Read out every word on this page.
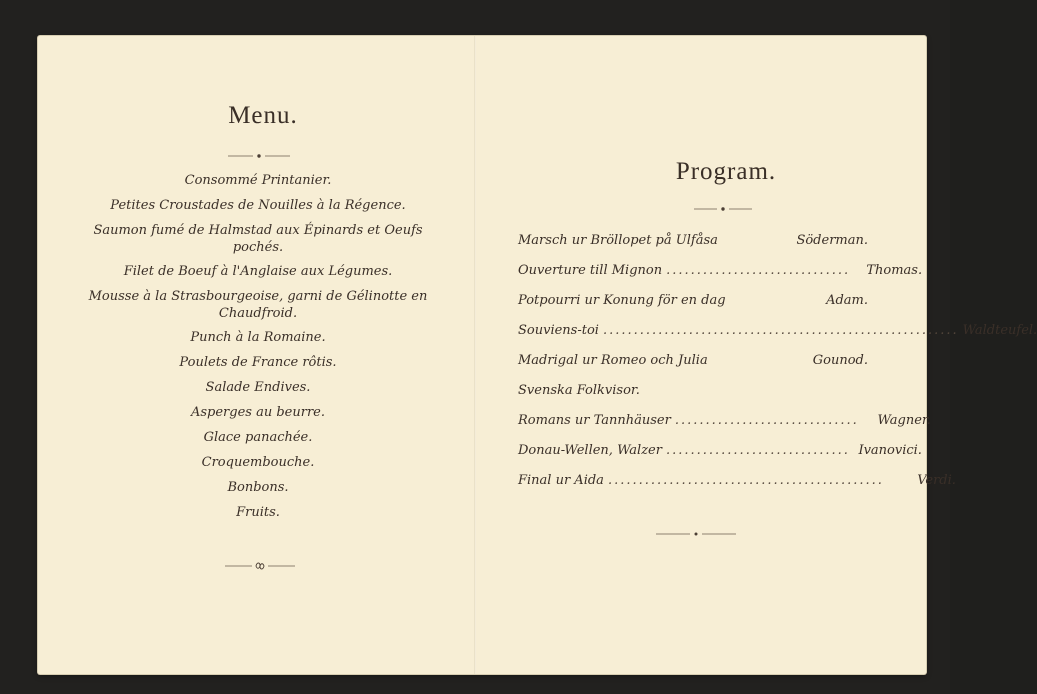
Menu.
Consommé Printanier.
Petites Croustades de Nouilles à la Régence.
Saumon fumé de Halmstad aux Épinards et Oeufs pochés.
Filet de Boeuf à l'Anglaise aux Légumes.
Mousse à la Strasbourgeoise, garni de Gélinotte en Chaudfroid.
Punch à la Romaine.
Poulets de France rôtis.
Salade Endives.
Asperges au beurre.
Glace panachée.
Croquembouche.
Bonbons.
Fruits.
Program.
Marsch ur Bröllopet på Ulfåsa	Söderman.
Ouverture till Mignon ..............................	Thomas.
Potpourri ur Konung för en dag	Adam.
Souviens-toi .......................................................... Waldteufel.
Madrigal ur Romeo och Julia	Gounod.
Svenska Folkvisor.
Romans ur Tannhäuser ..............................	Wagner.
Donau-Wellen, Walzer .............................. Ivanovici.
Final ur Aida .............................................	Verdi.
